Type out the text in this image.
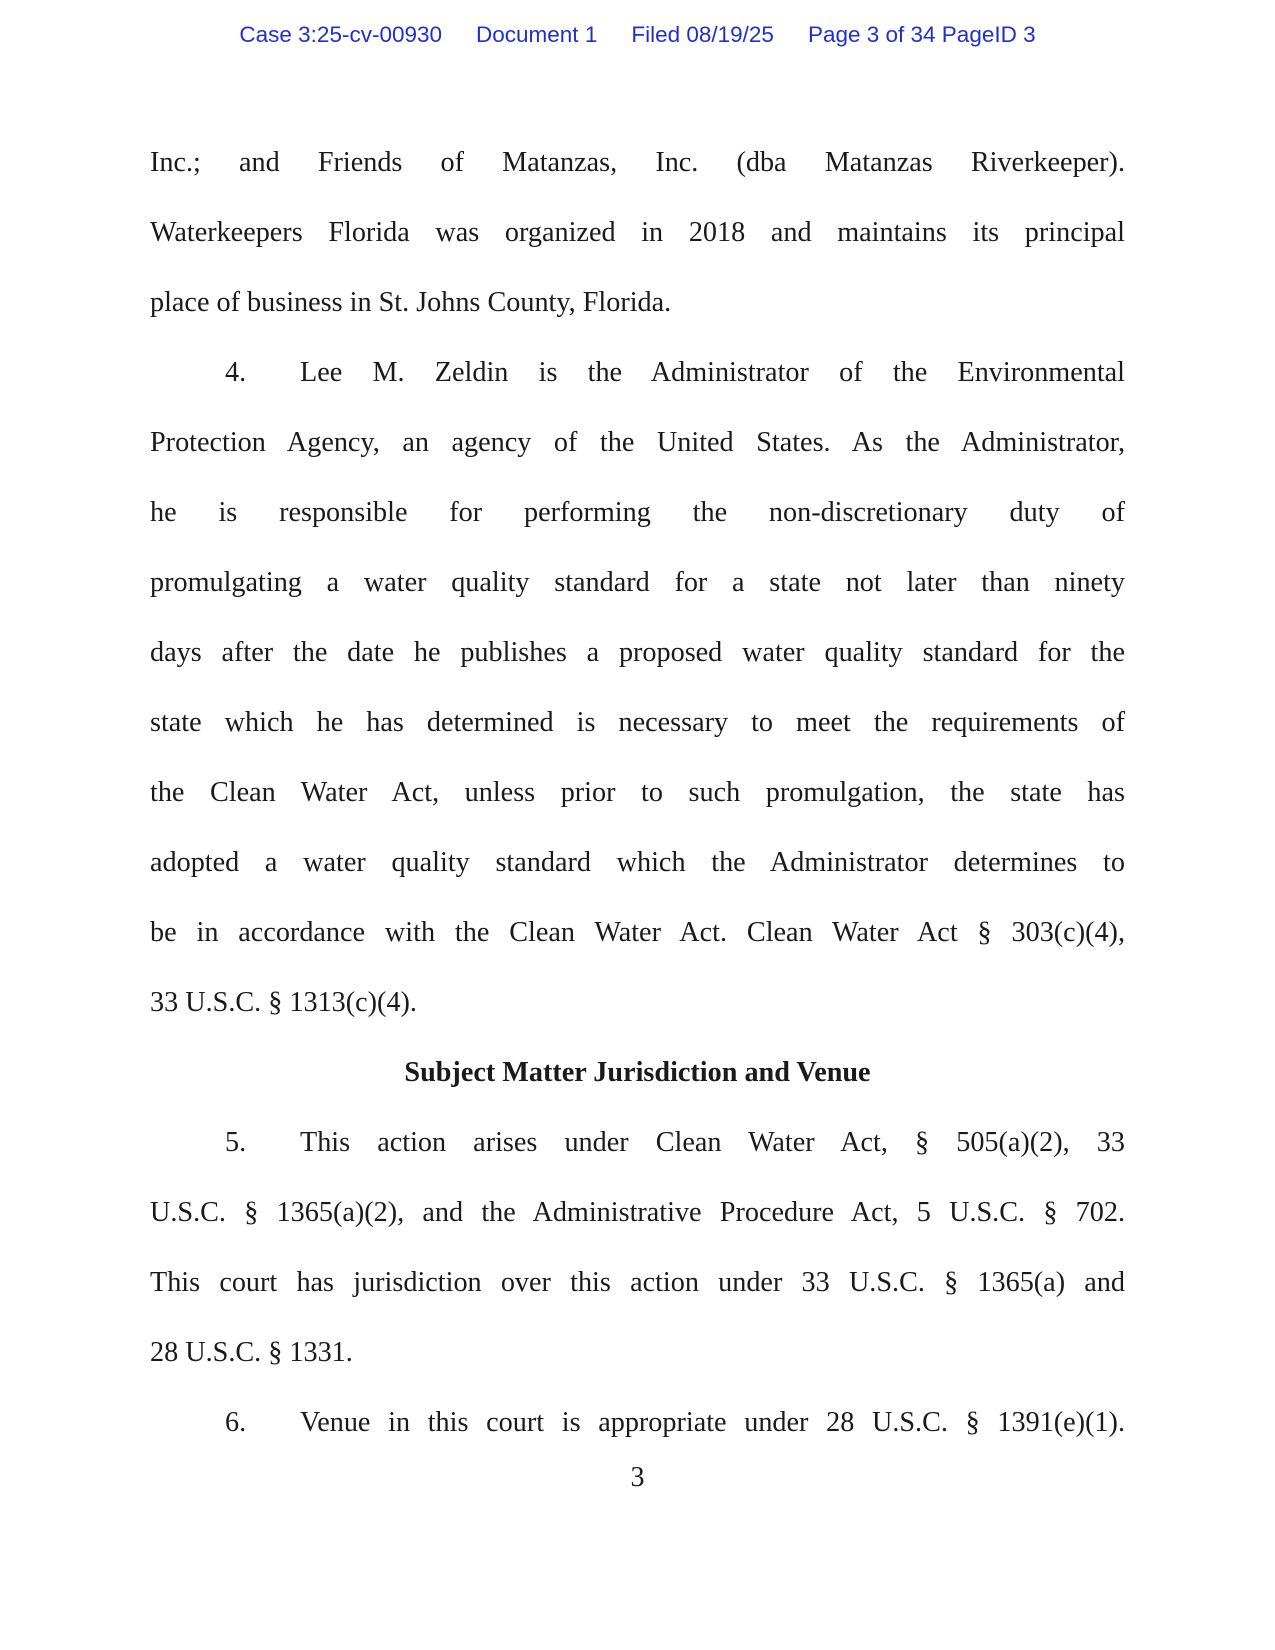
Case 3:25-cv-00930 Document 1 Filed 08/19/25 Page 3 of 34 PageID 3
Inc.; and Friends of Matanzas, Inc. (dba Matanzas Riverkeeper).
Waterkeepers Florida was organized in 2018 and maintains its principal
place of business in St. Johns County, Florida.
4.	Lee M. Zeldin is the Administrator of the Environmental
Protection Agency, an agency of the United States. As the Administrator,
he is responsible for performing the non-discretionary duty of
promulgating a water quality standard for a state not later than ninety
days after the date he publishes a proposed water quality standard for the
state which he has determined is necessary to meet the requirements of
the Clean Water Act, unless prior to such promulgation, the state has
adopted a water quality standard which the Administrator determines to
be in accordance with the Clean Water Act. Clean Water Act § 303(c)(4),
33 U.S.C. § 1313(c)(4).
Subject Matter Jurisdiction and Venue
5.	This action arises under Clean Water Act, § 505(a)(2), 33
U.S.C. § 1365(a)(2), and the Administrative Procedure Act, 5 U.S.C. § 702.
This court has jurisdiction over this action under 33 U.S.C. § 1365(a) and
28 U.S.C. § 1331.
6.	Venue in this court is appropriate under 28 U.S.C. § 1391(e)(1).
3
